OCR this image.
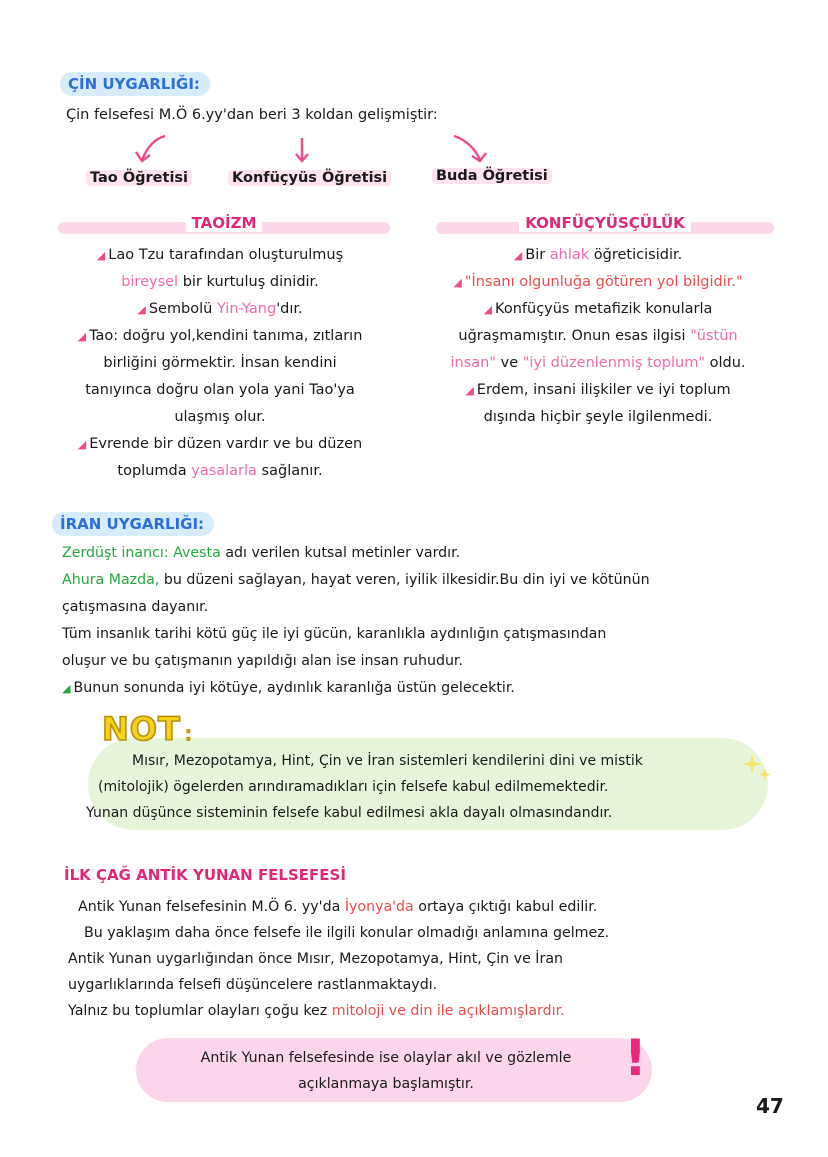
ÇİN UYGARLIĞI:
Çin felsefesi M.Ö 6.yy'dan beri 3 koldan gelişmiştir:
Tao Öğretisi	Konfüçyüs Öğretisi	Buda Öğretisi
TAOİZM
◢ Lao Tzu tarafından oluşturulmuş
bireysel bir kurtuluş dinidir.
◢ Sembolü Yin-Yang'dır.
◢ Tao: doğru yol,kendini tanıma, zıtların
birliğini görmektir. İnsan kendini
tanıyınca doğru olan yola yani Tao'ya
ulaşmış olur.
◢ Evrende bir düzen vardır ve bu düzen
toplumda yasalarla sağlanır.
KONFÜÇYÜSÇÜLÜK
◢ Bir ahlak öğreticisidir.
◢ "İnsanı olgunluğa götüren yol bilgidir."
◢ Konfüçyüs metafizik konularla
uğraşmamıştır. Onun esas ilgisi "üstün
insan" ve "iyi düzenlenmiş toplum" oldu.
◢ Erdem, insani ilişkiler ve iyi toplum
dışında hiçbir şeyle ilgilenmedi.
İRAN UYGARLIĞI:
Zerdüşt inancı: Avesta adı verilen kutsal metinler vardır.
Ahura Mazda, bu düzeni sağlayan, hayat veren, iyilik ilkesidir.Bu din iyi ve kötünün
çatışmasına dayanır.
Tüm insanlık tarihi kötü güç ile iyi gücün, karanlıkla aydınlığın çatışmasından
oluşur ve bu çatışmanın yapıldığı alan ise insan ruhudur.
◢ Bunun sonunda iyi kötüye, aydınlık karanlığa üstün gelecektir.
NOT :
Mısır, Mezopotamya, Hint, Çin ve İran sistemleri kendilerini dini ve mistik
(mitolojik) ögelerden arındıramadıkları için felsefe kabul edilmemektedir.
Yunan düşünce sisteminin felsefe kabul edilmesi akla dayalı olmasındandır.
İLK ÇAĞ ANTİK YUNAN FELSEFESİ
Antik Yunan felsefesinin M.Ö 6. yy'da İyonya'da ortaya çıktığı kabul edilir.
Bu yaklaşım daha önce felsefe ile ilgili konular olmadığı anlamına gelmez.
Antik Yunan uygarlığından önce Mısır, Mezopotamya, Hint, Çin ve İran
uygarlıklarında felsefi düşüncelere rastlanmaktaydı.
Yalnız bu toplumlar olayları çoğu kez mitoloji ve din ile açıklamışlardır.
Antik Yunan felsefesinde ise olaylar akıl ve gözlemle
açıklanmaya başlamıştır.	!
47
